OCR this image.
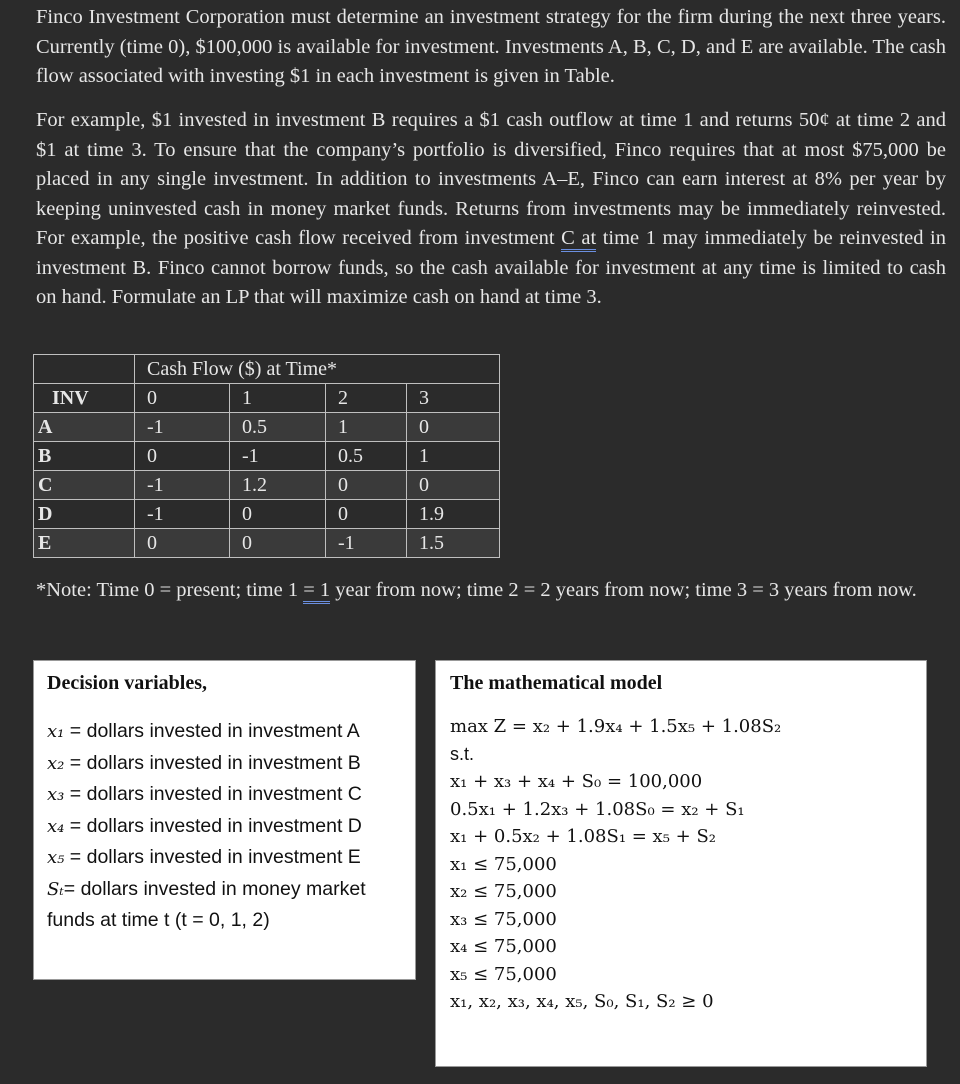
Finco Investment Corporation must determine an investment strategy for the firm during the next three years. Currently (time 0), $100,000 is available for investment. Investments A, B, C, D, and E are available. The cash flow associated with investing $1 in each investment is given in Table.

For example, $1 invested in investment B requires a $1 cash outflow at time 1 and returns 50¢ at time 2 and $1 at time 3. To ensure that the company’s portfolio is diversified, Finco requires that at most $75,000 be placed in any single investment. In addition to investments A–E, Finco can earn interest at 8% per year by keeping uninvested cash in money market funds. Returns from investments may be immediately reinvested. For example, the positive cash flow received from investment C at time 1 may immediately be reinvested in investment B. Finco cannot borrow funds, so the cash available for investment at any time is limited to cash on hand. Formulate an LP that will maximize cash on hand at time 3.

	Cash Flow ($) at Time*			
INV	0	1	2	3
A	-1	0.5	1	0
B	0	-1	0.5	1
C	-1	1.2	0	0
D	-1	0	0	1.9
E	0	0	-1	1.5

*Note: Time 0 = present; time 1 = 1 year from now; time 2 = 2 years from now; time 3 = 3 years from now.

Decision variables,
x₁ = dollars invested in investment A
x₂ = dollars invested in investment B
x₃ = dollars invested in investment C
x₄ = dollars invested in investment D
x₅ = dollars invested in investment E
Sₜ= dollars invested in money market funds at time t (t = 0, 1, 2)
The mathematical model
max Z = x₂ + 1.9x₄ + 1.5x₅ + 1.08S₂
s.t.
x₁ + x₃ + x₄ + S₀ = 100,000
0.5x₁ + 1.2x₃ + 1.08S₀ = x₂ + S₁
x₁ + 0.5x₂ + 1.08S₁ = x₅ + S₂
x₁ ≤ 75,000
x₂ ≤ 75,000
x₃ ≤ 75,000
x₄ ≤ 75,000
x₅ ≤ 75,000
x₁, x₂, x₃, x₄, x₅, S₀, S₁, S₂ ≥ 0
